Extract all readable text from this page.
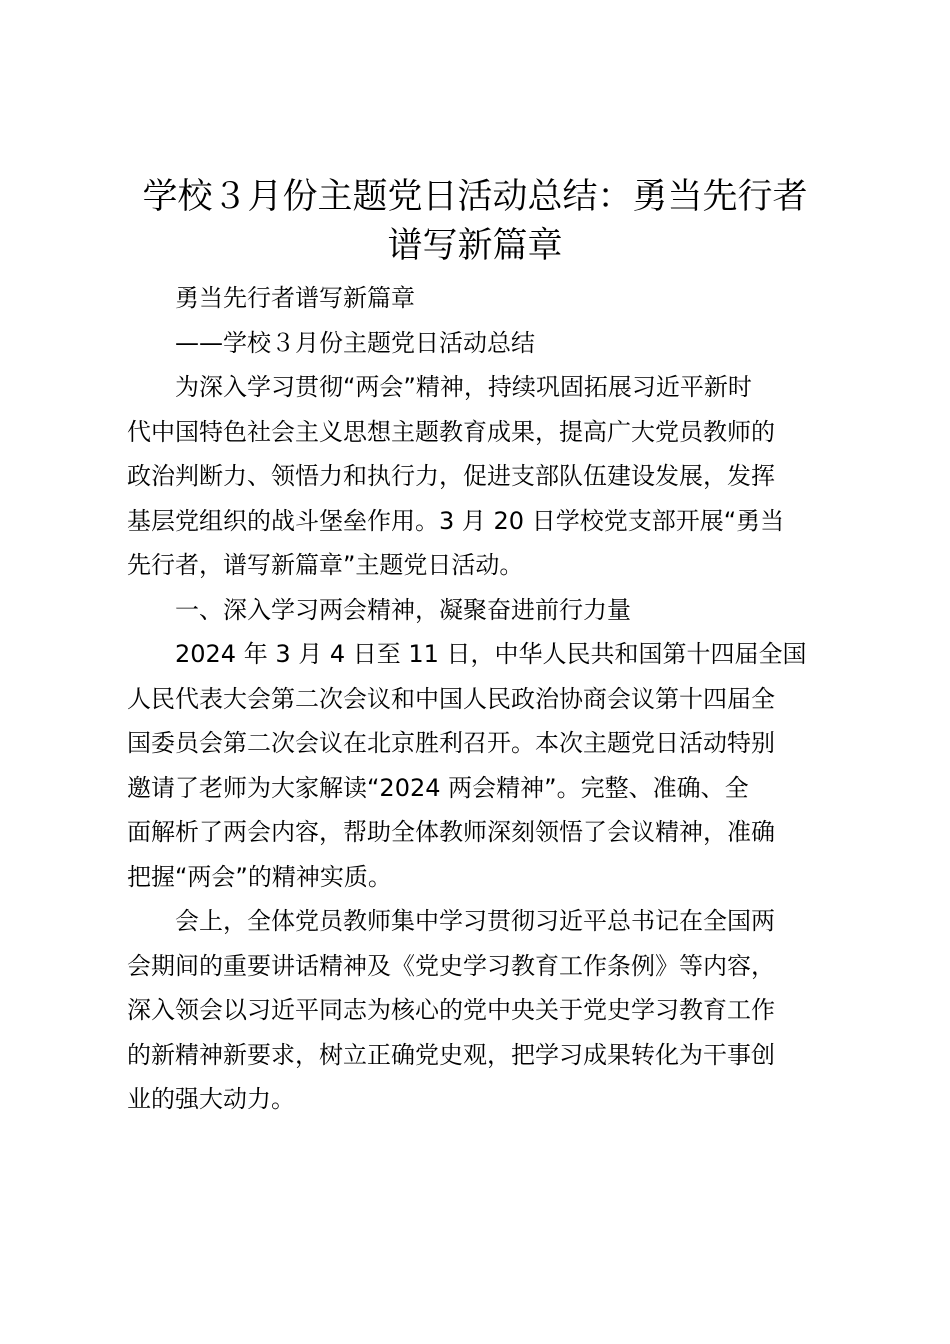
学校３月份主题党日活动总结：勇当先行者
谱写新篇章

勇当先行者谱写新篇章

——学校３月份主题党日活动总结

为深入学习贯彻“两会”精神，持续巩固拓展习近平新时
代中国特色社会主义思想主题教育成果，提高广大党员教师的
政治判断力、领悟力和执行力，促进支部队伍建设发展，发挥
基层党组织的战斗堡垒作用。3 月 20 日学校党支部开展“勇当
先行者，谱写新篇章”主题党日活动。

一、深入学习两会精神，凝聚奋进前行力量

2024 年 3 月 4 日至 11 日，中华人民共和国第十四届全国
人民代表大会第二次会议和中国人民政治协商会议第十四届全
国委员会第二次会议在北京胜利召开。本次主题党日活动特别
邀请了老师为大家解读“2024 两会精神”。完整、准确、全
面解析了两会内容，帮助全体教师深刻领悟了会议精神，准确
把握“两会”的精神实质。

会上，全体党员教师集中学习贯彻习近平总书记在全国两
会期间的重要讲话精神及《党史学习教育工作条例》等内容，
深入领会以习近平同志为核心的党中央关于党史学习教育工作
的新精神新要求，树立正确党史观，把学习成果转化为干事创
业的强大动力。
